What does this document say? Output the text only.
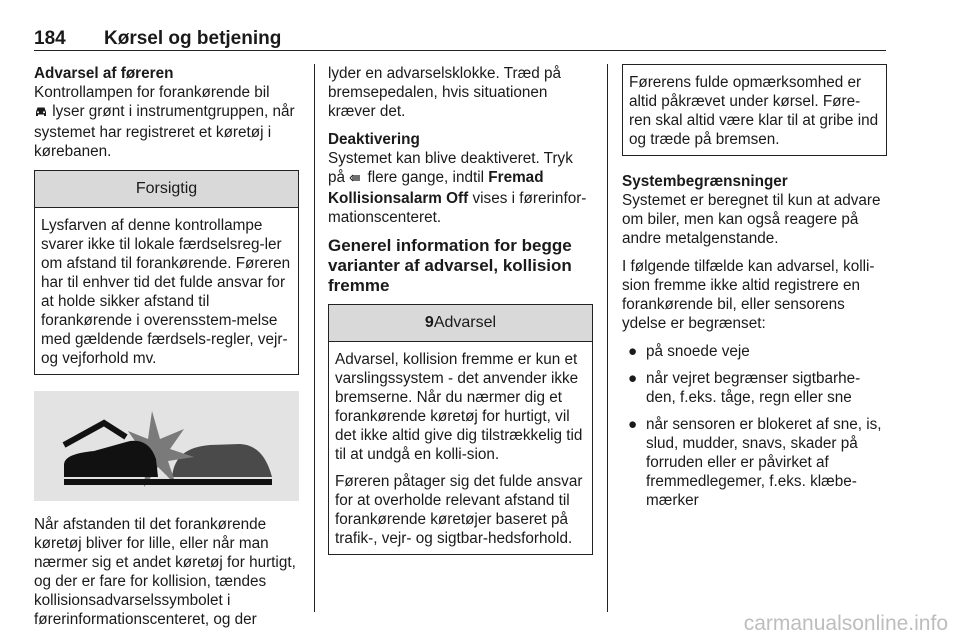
184 Kørsel og betjening
Advarsel af føreren

Kontrollampen for forankørende bil
lyser grønt i instrumentgruppen, når systemet har registreret et køretøj i kørebanen.

Forsigtig

Lysfarven af denne kontrollampe svarer ikke til lokale færdselsreg-ler om afstand til forankørende. Føreren har til enhver tid det fulde ansvar for at holde sikker afstand til forankørende i overensstem-melse med gældende færdsels-regler, vejr- og vejforhold mv.

Når afstanden til det forankørende køretøj bliver for lille, eller når man nærmer sig et andet køretøj for hurtigt, og der er fare for kollision, tændes kollisionsadvarselssymbolet i førerinformationscenteret, og der

lyder en advarselsklokke. Træd på bremsepedalen, hvis situationen kræver det.

Deaktivering

Systemet kan blive deaktiveret. Tryk på flere gange, indtil Fremad Kollisionsalarm Off vises i førerinfor-mationscenteret.

Generel information for begge varianter af advarsel, kollision fremme
9Advarsel

Advarsel, kollision fremme er kun et varslingssystem - det anvender ikke bremserne. Når du nærmer dig et forankørende køretøj for hurtigt, vil det ikke altid give dig tilstrækkelig tid til at undgå en kolli-sion.

Føreren påtager sig det fulde ansvar for at overholde relevant afstand til forankørende køretøjer baseret på trafik-, vejr- og sigtbar-hedsforhold.

Førerens fulde opmærksomhed er altid påkrævet under kørsel. Føre-ren skal altid være klar til at gribe ind og træde på bremsen.

Systembegrænsninger

Systemet er beregnet til kun at advare om biler, men kan også reagere på andre metalgenstande.

I følgende tilfælde kan advarsel, kolli-sion fremme ikke altid registrere en forankørende bil, eller sensorens ydelse er begrænset:

● på snoede veje
● når vejret begrænser sigtbarhe-den, f.eks. tåge, regn eller sne
● når sensoren er blokeret af sne, is, slud, mudder, snavs, skader på forruden eller er påvirket af fremmedlegemer, f.eks. klæbe-mærker
carmanualsonline.info
